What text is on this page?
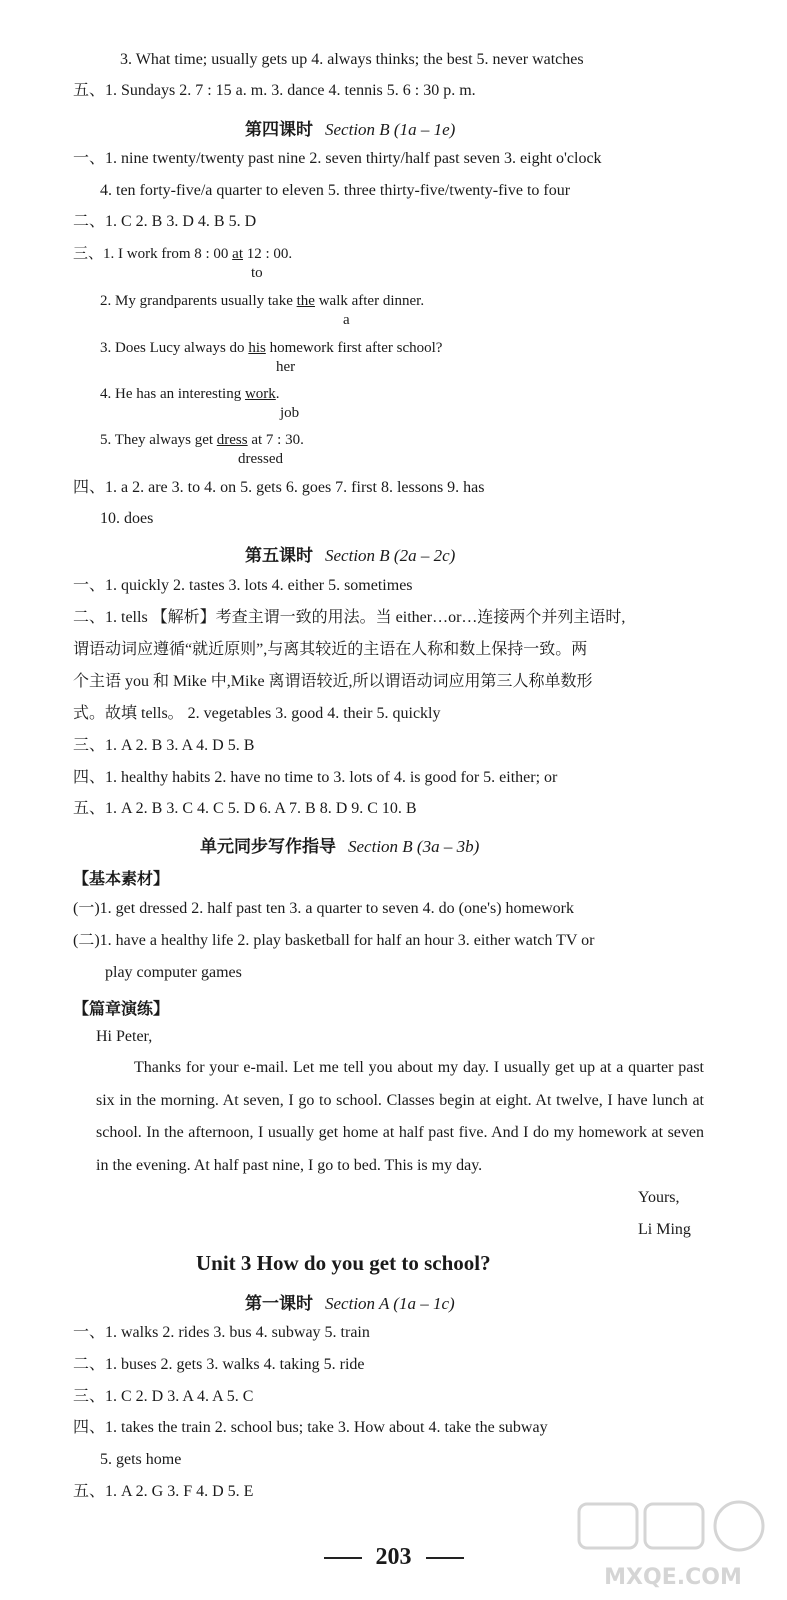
3. What time; usually gets up 4. always thinks; the best 5. never watches
五、1. Sundays 2. 7 : 15 a. m. 3. dance 4. tennis 5. 6 : 30 p. m.
第四课时 Section B (1a – 1e)
一、1. nine twenty/twenty past nine 2. seven thirty/half past seven 3. eight o'clock
4. ten forty-five/a quarter to eleven 5. three thirty-five/twenty-five to four
二、1. C 2. B 3. D 4. B 5. D
三、1. I work from 8 : 00 at 12 : 00.
to
2. My grandparents usually take the walk after dinner.
a
3. Does Lucy always do his homework first after school?
her
4. He has an interesting work.
job
5. They always get dress at 7 : 30.
dressed
四、1. a 2. are 3. to 4. on 5. gets 6. goes 7. first 8. lessons 9. has
10. does
第五课时 Section B (2a – 2c)
一、1. quickly 2. tastes 3. lots 4. either 5. sometimes
二、1. tells 【解析】考查主谓一致的用法。当 either…or…连接两个并列主语时,
谓语动词应遵循“就近原则”,与离其较近的主语在人称和数上保持一致。两
个主语 you 和 Mike 中,Mike 离谓语较近,所以谓语动词应用第三人称单数形
式。故填 tells。 2. vegetables 3. good 4. their 5. quickly
三、1. A 2. B 3. A 4. D 5. B
四、1. healthy habits 2. have no time to 3. lots of 4. is good for 5. either; or
五、1. A 2. B 3. C 4. C 5. D 6. A 7. B 8. D 9. C 10. B
单元同步写作指导 Section B (3a – 3b)
【基本素材】
(一)1. get dressed 2. half past ten 3. a quarter to seven 4. do (one's) homework
(二)1. have a healthy life 2. play basketball for half an hour 3. either watch TV or
play computer games
【篇章演练】
Hi Peter,
Thanks for your e-mail. Let me tell you about my day. I usually get up at a quarter past six in the morning. At seven, I go to school. Classes begin at eight. At twelve, I have lunch at school. In the afternoon, I usually get home at half past five. And I do my homework at seven in the evening. At half past nine, I go to bed. This is my day.
Yours,
Li Ming
Unit 3 How do you get to school?
第一课时 Section A (1a – 1c)
一、1. walks 2. rides 3. bus 4. subway 5. train
二、1. buses 2. gets 3. walks 4. taking 5. ride
三、1. C 2. D 3. A 4. A 5. C
四、1. takes the train 2. school bus; take 3. How about 4. take the subway
5. gets home
五、1. A 2. G 3. F 4. D 5. E
203
MXQE.COM
